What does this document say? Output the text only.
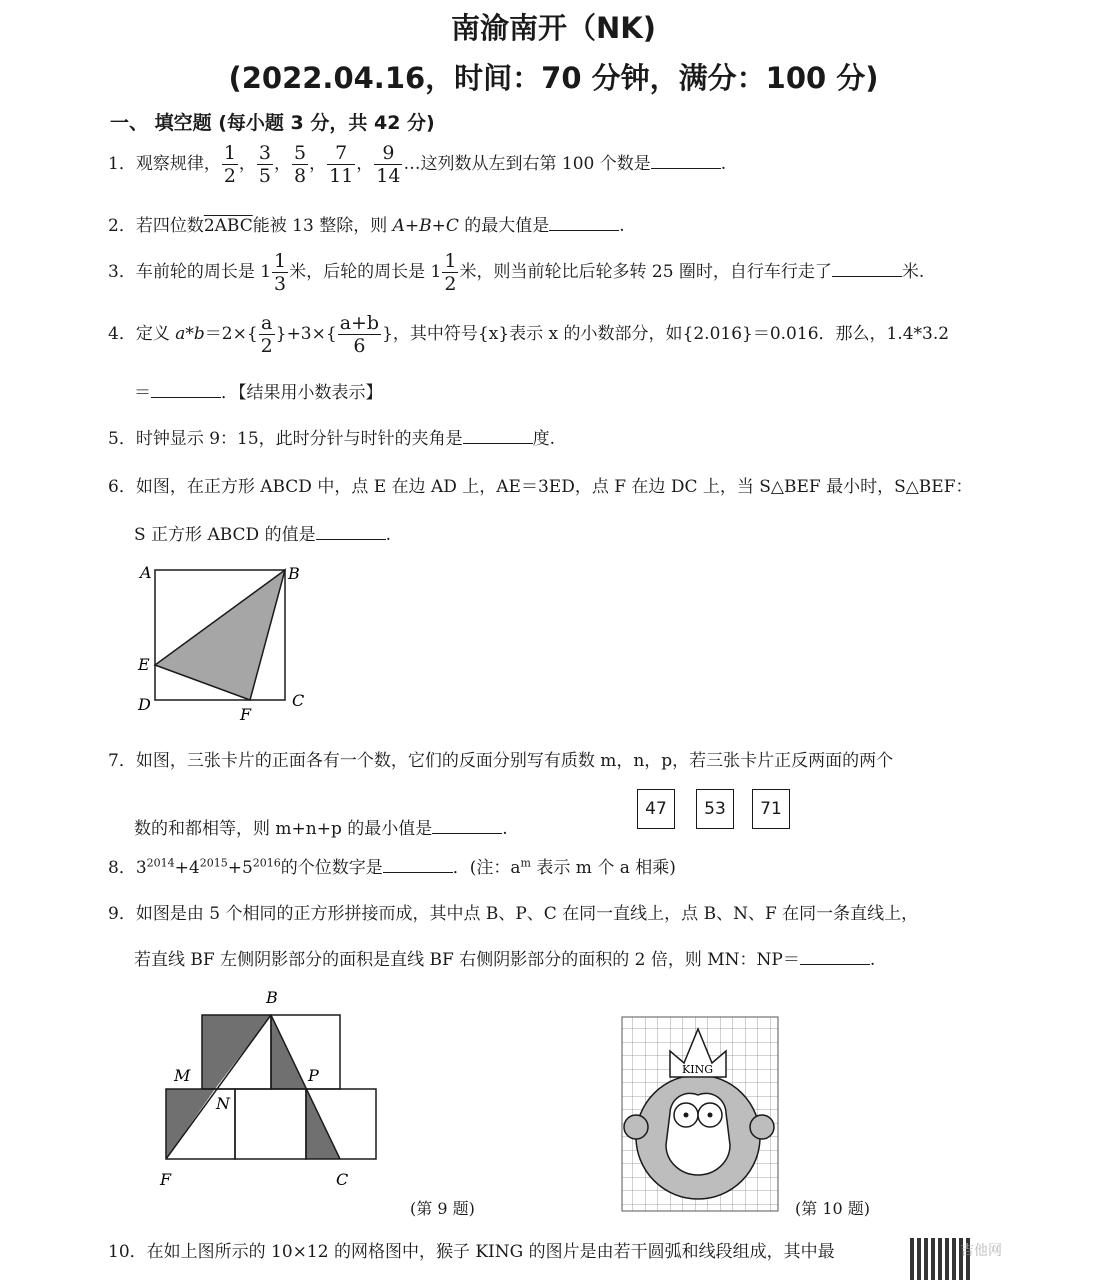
南渝南开（NK)
(2022.04.16，时间：70 分钟，满分：100 分)
一、 填空题 (每小题 3 分，共 42 分)
1．观察规律， $\frac{1}{2}$ ， $\frac{3}{5}$ ， $\frac{5}{8}$ ， $\frac{7}{11}$ ， $\frac{9}{14}$ …这列数从左到右第 100 个数是	.
2．若四位数2ABC能被 13 整除，则 A+B+C 的最大值是	.
3．车前轮的周长是 $1 \frac{1}{3}$ 米，后轮的周长是 $1 \frac{1}{2}$ 米，则当前轮比后轮多转 25 圈时，自行车行走了	米.
4．定义 $a*b=2\times\{ \frac{a}{2} \}+3\times\{ \frac{a+b}{6}$ }，其中符号{x}表示 x 的小数部分，如{2.016}＝0.016．那么，1.4*3.2
＝	．【结果用小数表示】
5．时钟显示 9：15，此时分针与时针的夹角是	度.
6．如图，在正方形 ABCD 中，点 E 在边 AD 上，AE＝3ED，点 F 在边 DC 上，当 S△BEF 最小时，S△BEF：
S 正方形 ABCD 的值是	.
A	B
C
D
E
F
7．如图，三张卡片的正面各有一个数，它们的反面分别写有质数 m，n，p，若三张卡片正反两面的两个
数的和都相等，则 m+n+p 的最小值是	.
47	53	71
8．$3^{2014}+4^{2015}+5^{2016}$的个位数字是	．(注：$a^m$ 表示 m 个 a 相乘)
9．如图是由 5 个相同的正方形拼接而成，其中点 B、P、C 在同一直线上，点 B、N、F 在同一条直线上，
若直线 BF 左侧阴影部分的面积是直线 BF 右侧阴影部分的面积的 2 倍，则 MN：NP＝	.
B
M
N
P
F	C
(第 9 题)
KING
(第 10 题)
10．在如上图所示的 10×12 的网格图中，猴子 KING 的图片是由若干圆弧和线段组成，其中最	吉他网
